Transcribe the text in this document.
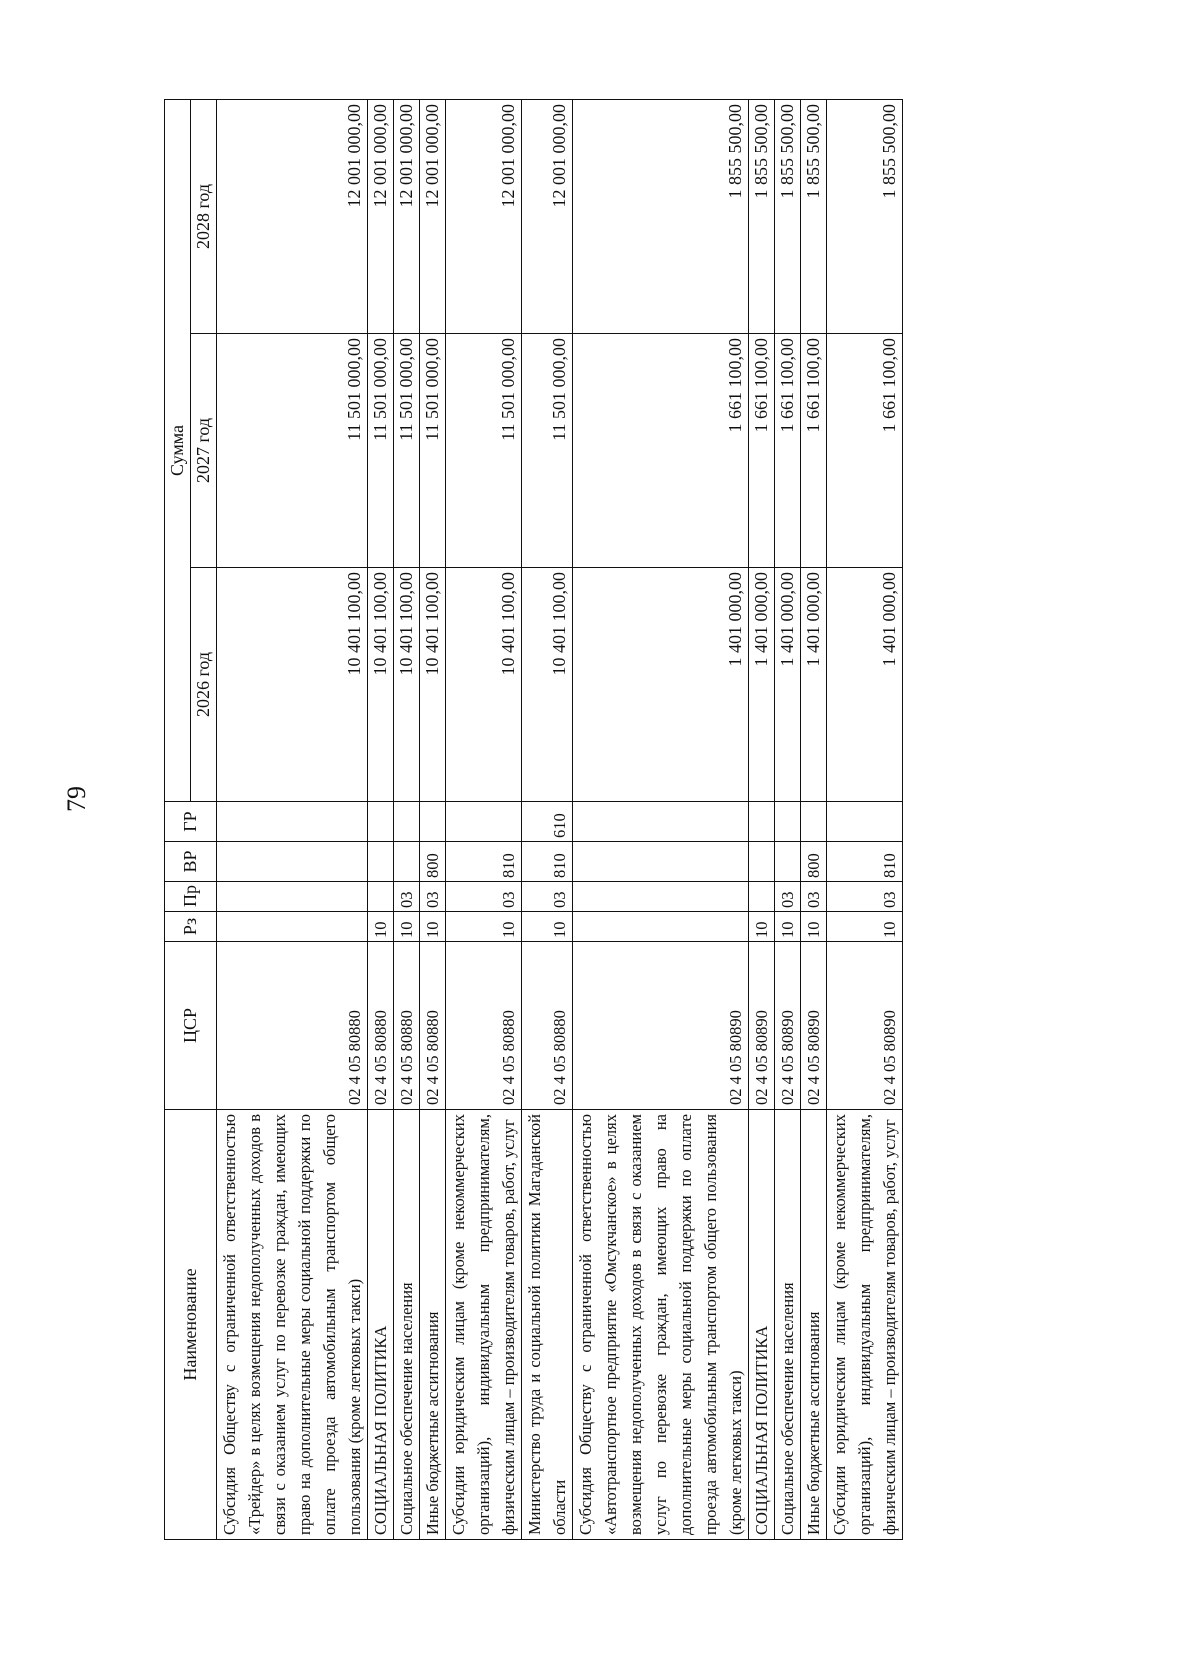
79
Наименование	ЦСР	Рз	Пр	ВР	ГР	Сумма		
						2026 год	2027 год	2028 год
Субсидия Обществу с ограниченной ответственностью «Трейдер» в целях возмещения недополученных доходов в связи с оказанием услуг по перевозке граждан, имеющих право на дополнительные меры социальной поддержки по оплате проезда автомобильным транспортом общего пользования (кроме легковых такси)	02 4 05 80880					10 401 100,00	11 501 000,00	12 001 000,00
СОЦИАЛЬНАЯ ПОЛИТИКА	02 4 05 80880	10				10 401 100,00	11 501 000,00	12 001 000,00
Социальное обеспечение населения	02 4 05 80880	10	03			10 401 100,00	11 501 000,00	12 001 000,00
Иные бюджетные ассигнования	02 4 05 80880	10	03	800		10 401 100,00	11 501 000,00	12 001 000,00
Субсидии юридическим лицам (кроме некоммерческих организаций), индивидуальным предпринимателям, физическим лицам – производителям товаров, работ, услуг	02 4 05 80880	10	03	810		10 401 100,00	11 501 000,00	12 001 000,00
Министерство труда и социальной политики Магаданской области	02 4 05 80880	10	03	810	610	10 401 100,00	11 501 000,00	12 001 000,00
Субсидия Обществу с ограниченной ответственностью «Автотранспортное предприятие «Омсукчанское» в целях возмещения недополученных доходов в связи с оказанием услуг по перевозке граждан, имеющих право на дополнительные меры социальной поддержки по оплате проезда автомобильным транспортом общего пользования (кроме легковых такси)	02 4 05 80890					1 401 000,00	1 661 100,00	1 855 500,00
СОЦИАЛЬНАЯ ПОЛИТИКА	02 4 05 80890	10				1 401 000,00	1 661 100,00	1 855 500,00
Социальное обеспечение населения	02 4 05 80890	10	03			1 401 000,00	1 661 100,00	1 855 500,00
Иные бюджетные ассигнования	02 4 05 80890	10	03	800		1 401 000,00	1 661 100,00	1 855 500,00
Субсидии юридическим лицам (кроме некоммерческих организаций), индивидуальным предпринимателям, физическим лицам – производителям товаров, работ, услуг	02 4 05 80890	10	03	810		1 401 000,00	1 661 100,00	1 855 500,00
